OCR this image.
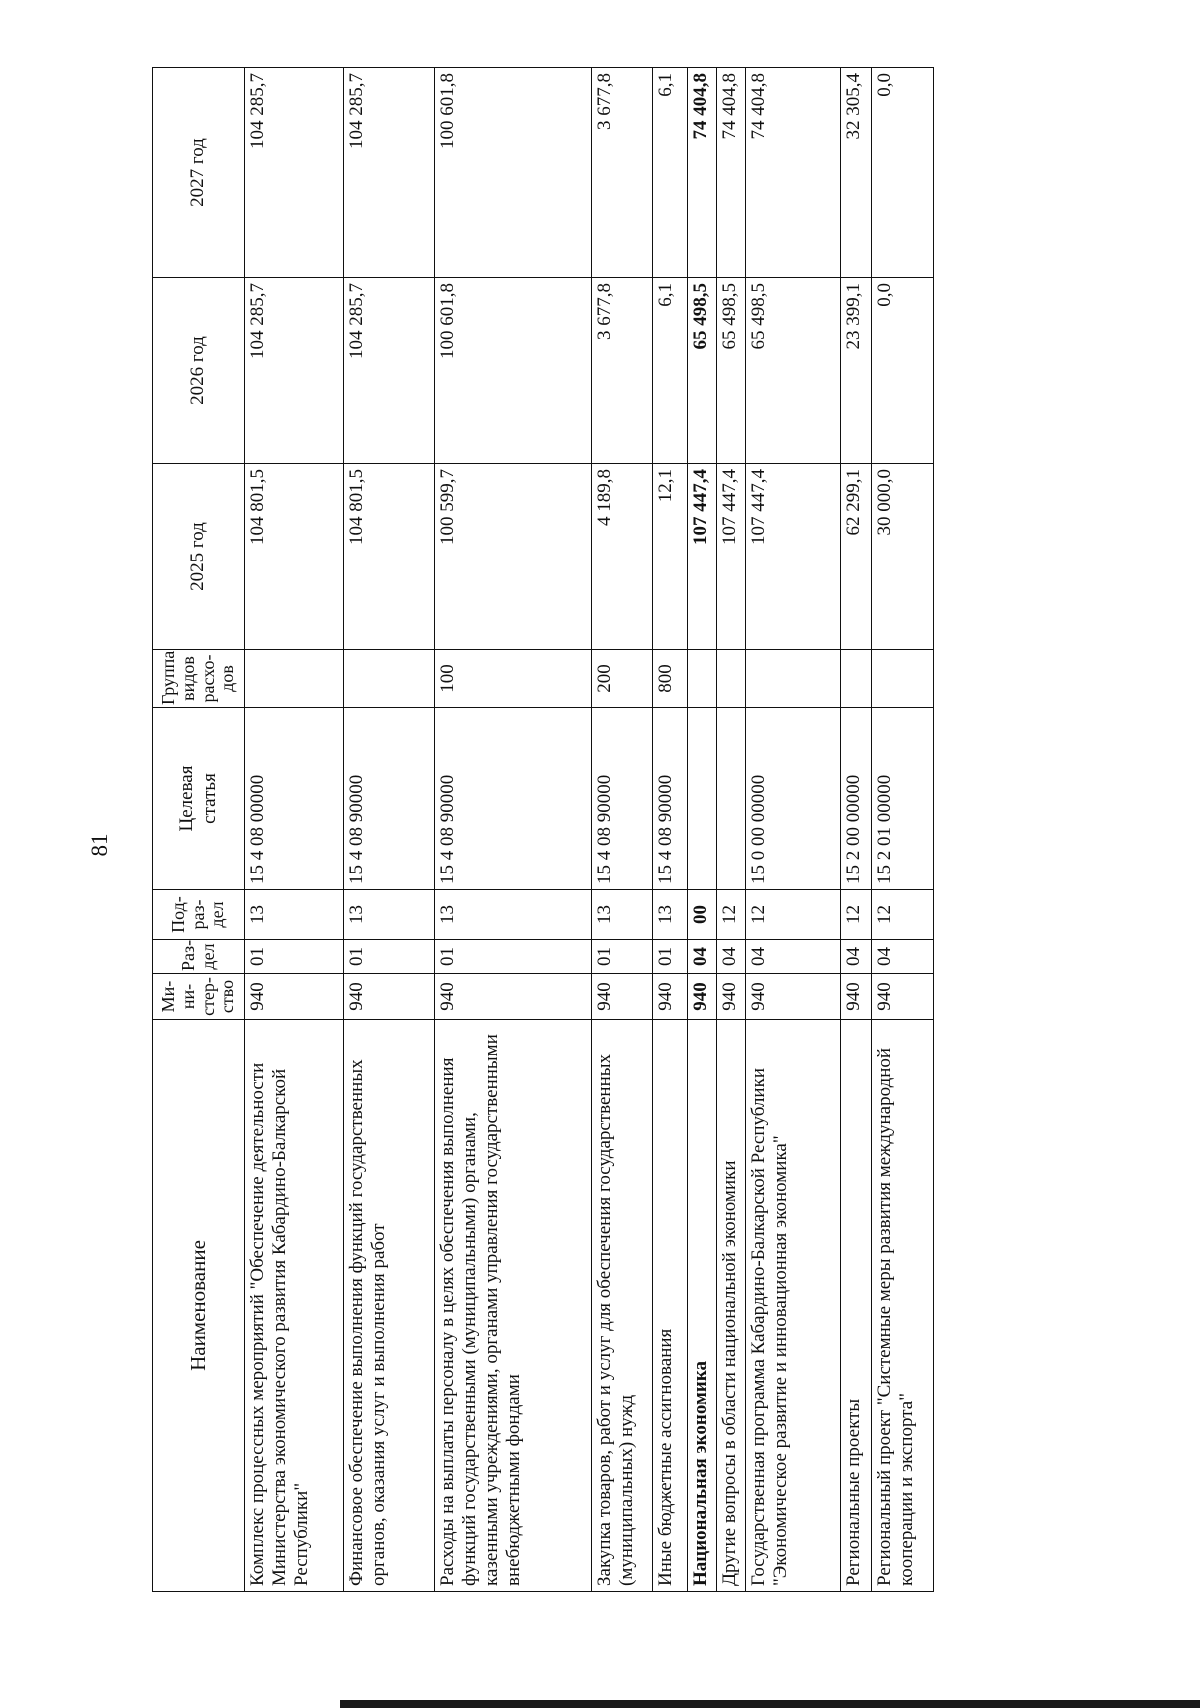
81
Наименование	Ми-
ни-
стер-
ство	Раз-
дел	Под-
раз-
дел	Целевая
статья	Группа
видов
расхо-
дов	2025 год	2026 год	2027 год
Комплекс процессных мероприятий "Обеспечение деятельности Министерства экономического развития Кабардино-Балкарской Республики"	940	01	13	15 4 08 00000		104 801,5	104 285,7	104 285,7
Финансовое обеспечение выполнения функций государственных органов, оказания услуг и выполнения работ	940	01	13	15 4 08 90000		104 801,5	104 285,7	104 285,7
Расходы на выплаты персоналу в целях обеспечения выполнения функций государственными (муниципальными) органами, казенными учреждениями, органами управления государственными внебюджетными фондами	940	01	13	15 4 08 90000	100	100 599,7	100 601,8	100 601,8
Закупка товаров, работ и услуг для обеспечения государственных (муниципальных) нужд	940	01	13	15 4 08 90000	200	4 189,8	3 677,8	3 677,8
Иные бюджетные ассигнования	940	01	13	15 4 08 90000	800	12,1	6,1	6,1
Национальная экономика	940	04	00			107 447,4	65 498,5	74 404,8
Другие вопросы в области национальной экономики	940	04	12			107 447,4	65 498,5	74 404,8
Государственная программа Кабардино-Балкарской Республики "Экономическое развитие и инновационная экономика"	940	04	12	15 0 00 00000		107 447,4	65 498,5	74 404,8
Региональные проекты	940	04	12	15 2 00 00000		62 299,1	23 399,1	32 305,4
Региональный проект "Системные меры развития международной кооперации и экспорта"	940	04	12	15 2 01 00000		30 000,0	0,0	0,0
